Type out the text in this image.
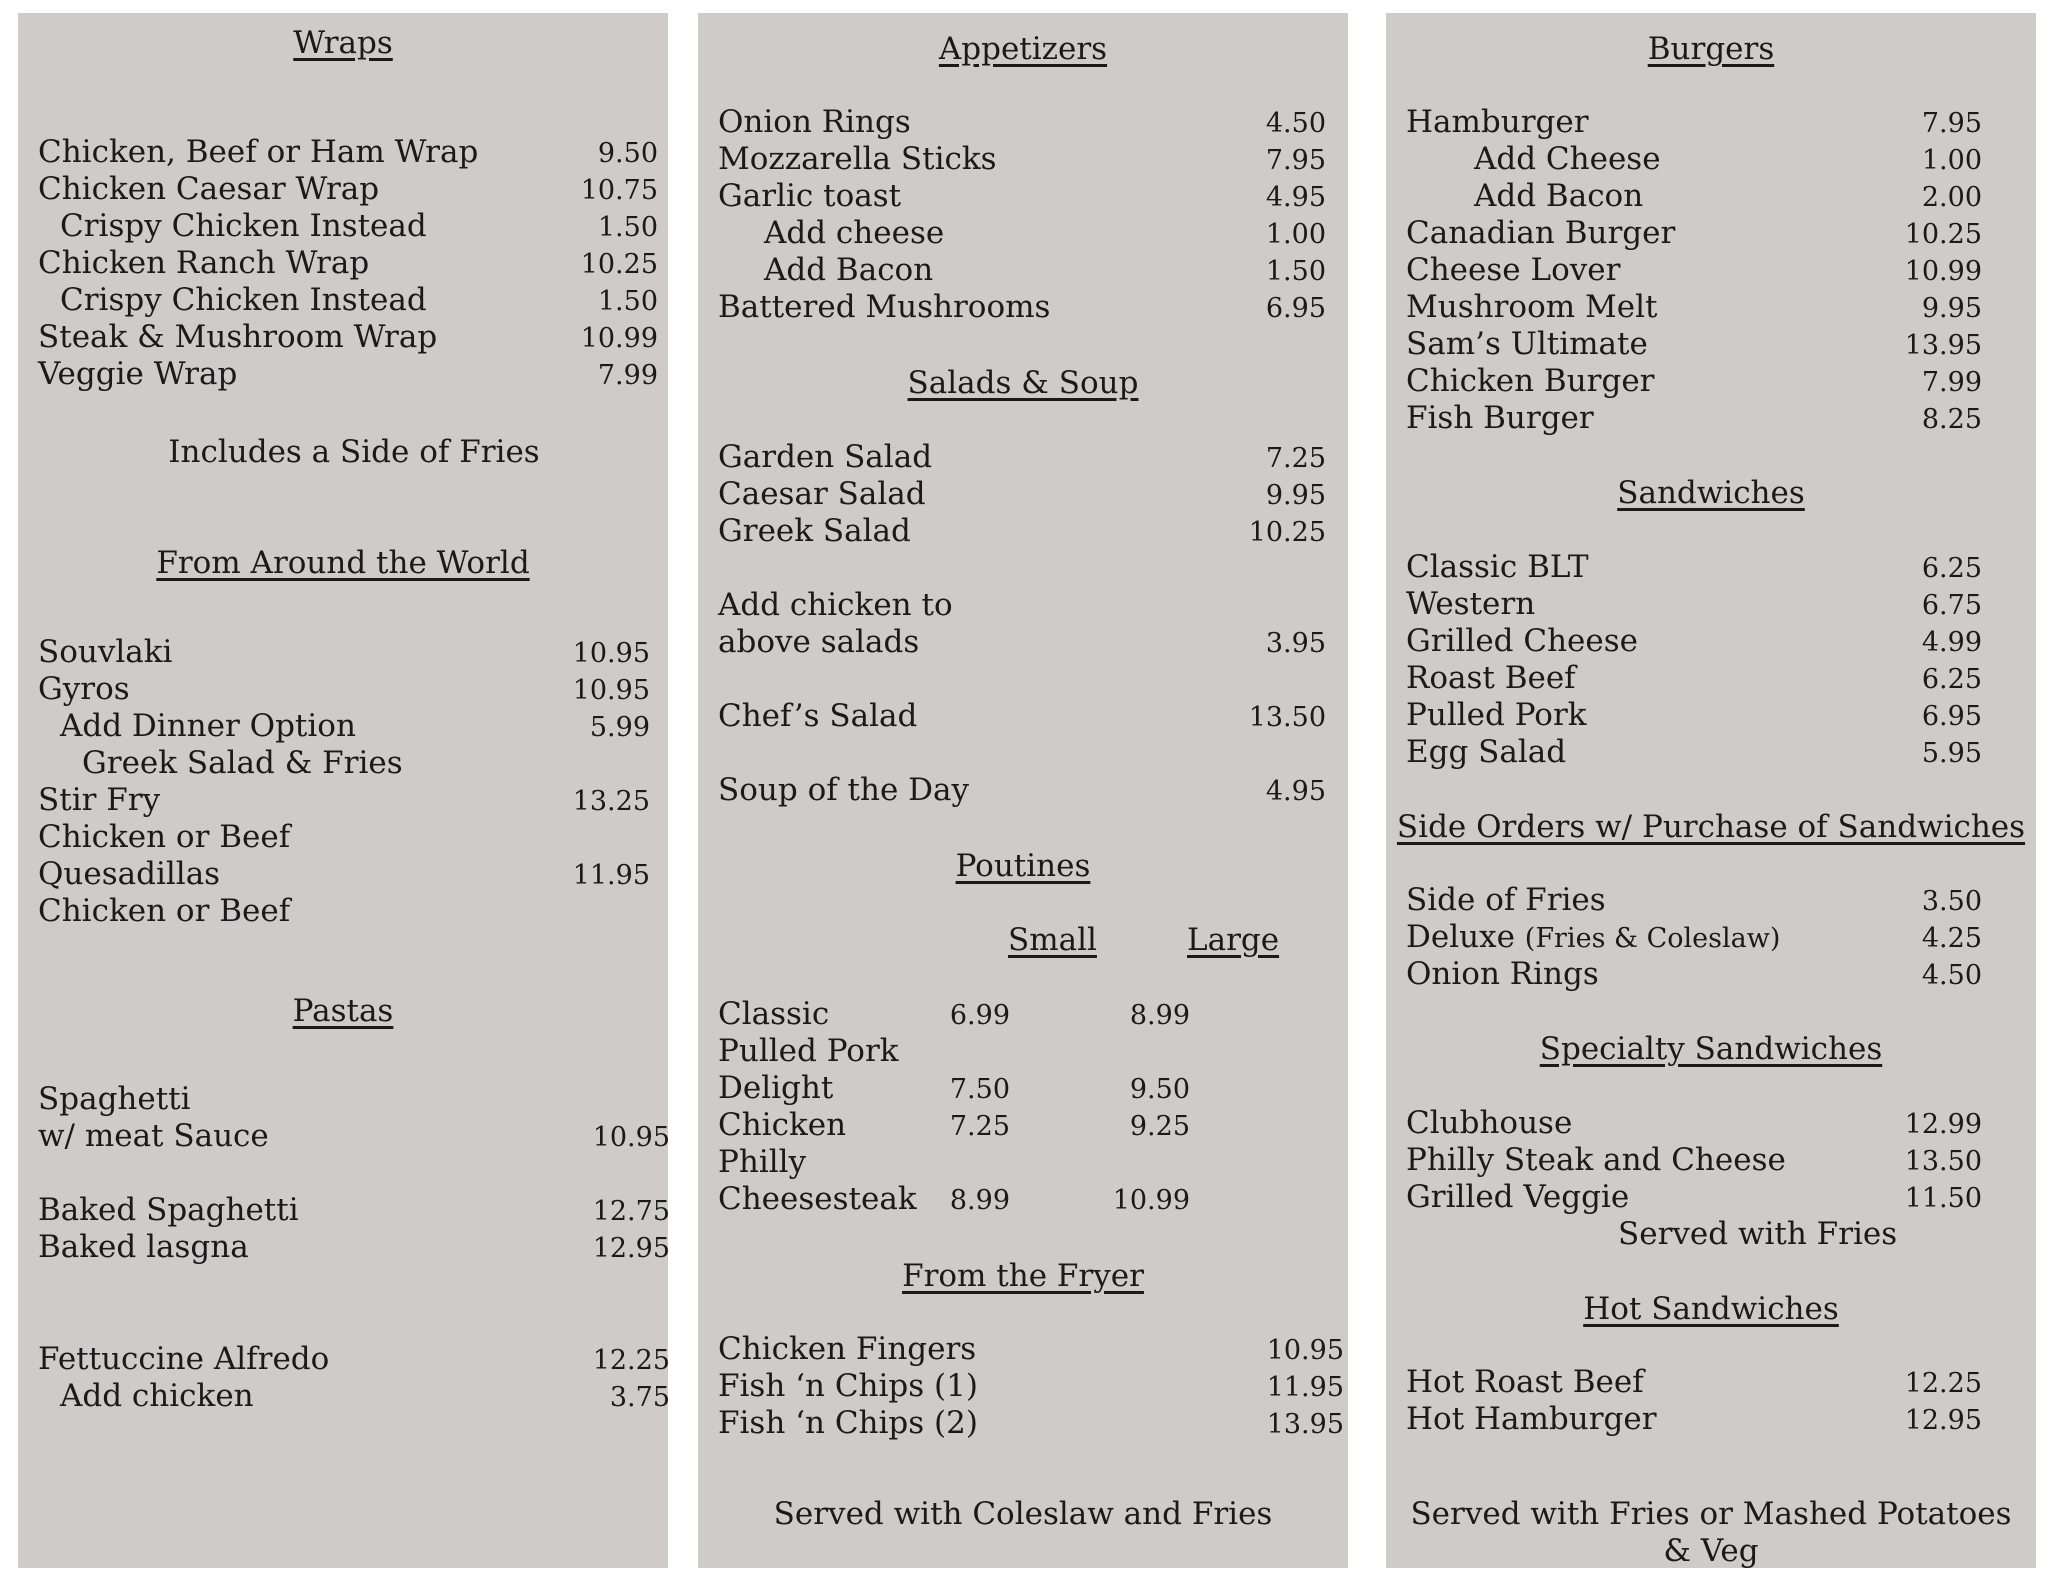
Wraps
Chicken, Beef or Ham Wrap	9.50
Chicken Caesar Wrap	10.75
Crispy Chicken Instead	1.50
Chicken Ranch Wrap	10.25
Crispy Chicken Instead	1.50
Steak & Mushroom Wrap	10.99
Veggie Wrap	7.99
Includes a Side of Fries
From Around the World
Souvlaki	10.95
Gyros	10.95
Add Dinner Option	5.99
Greek Salad & Fries
Stir Fry	13.25
Chicken or Beef
Quesadillas	11.95
Chicken or Beef
Pastas
Spaghetti
w/ meat Sauce	10.95
Baked Spaghetti	12.75
Baked lasgna	12.95
Fettuccine Alfredo	12.25
Add chicken	3.75
Appetizers
Onion Rings	4.50
Mozzarella Sticks	7.95
Garlic toast	4.95
Add cheese	1.00
Add Bacon	1.50
Battered Mushrooms	6.95
Salads & Soup
Garden Salad	7.25
Caesar Salad	9.95
Greek Salad	10.25
Add chicken to
above salads	3.95
Chef’s Salad	13.50
Soup of the Day	4.95
Poutines
Small	Large
Classic	6.99	8.99
Pulled Pork
Delight	7.50	9.50
Chicken	7.25	9.25
Philly
Cheesesteak	8.99	10.99
From the Fryer
Chicken Fingers	10.95
Fish ‘n Chips (1)	11.95
Fish ‘n Chips (2)	13.95
Served with Coleslaw and Fries
Burgers
Hamburger	7.95
Add Cheese	1.00
Add Bacon	2.00
Canadian Burger	10.25
Cheese Lover	10.99
Mushroom Melt	9.95
Sam’s Ultimate	13.95
Chicken Burger	7.99
Fish Burger	8.25
Sandwiches
Classic BLT	6.25
Western	6.75
Grilled Cheese	4.99
Roast Beef	6.25
Pulled Pork	6.95
Egg Salad	5.95
Side Orders w/ Purchase of Sandwiches
Side of Fries	3.50
Deluxe (Fries & Coleslaw)	4.25
Onion Rings	4.50
Specialty Sandwiches
Clubhouse	12.99
Philly Steak and Cheese	13.50
Grilled Veggie	11.50
Served with Fries
Hot Sandwiches
Hot Roast Beef	12.25
Hot Hamburger	12.95
Served with Fries or Mashed Potatoes
& Veg
